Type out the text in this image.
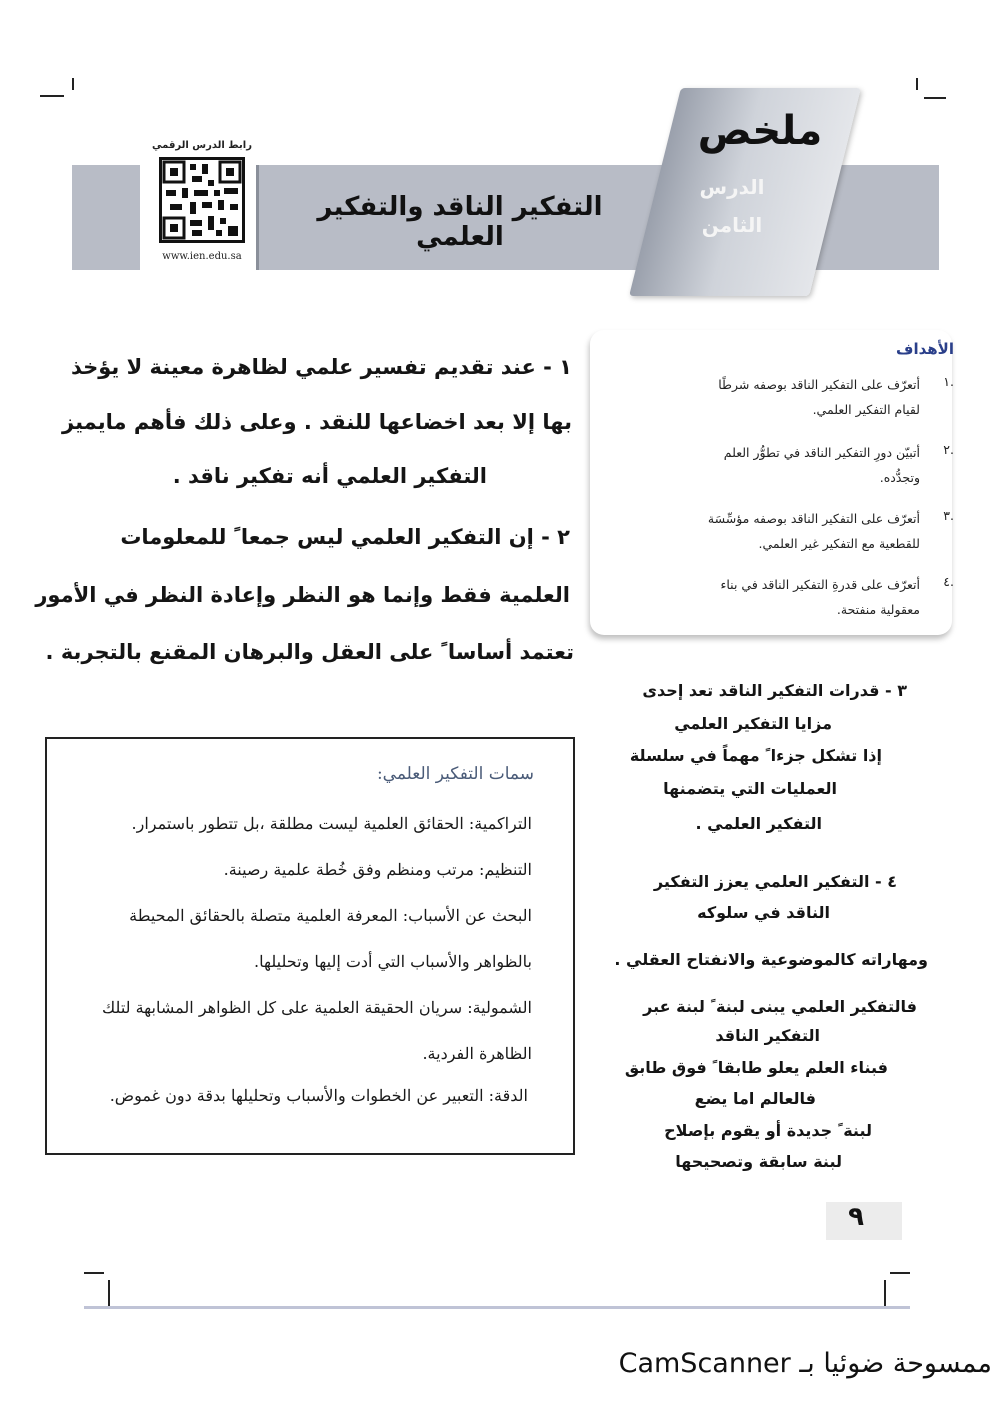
ملخص
الدرس
الثامن
التفكير الناقد والتفكير العلمي
رابط الدرس الرقمي
www.ien.edu.sa
الأهداف
١.
أتعرّف على التفكير الناقد بوصفه شرطًا
لقيام التفكير العلمي.
٢.
أتبيّن دورِ التفكير الناقد في تطوُّر العلم
وتجدُّده.
٣.
أتعرّف على التفكير الناقد بوصفه مؤسِّسَة
للقطعية مع التفكير غير العلمي.
٤.
أتعرّف على قدرةِ التفكير الناقد في بناء
معقولية منفتحة.
١ - عند تقديم تفسير علمي لظاهرة معينة لا يؤخذ
بها إلا بعد اخضاعها للنقد . وعلى ذلك فأهم مايميز
التفكير العلمي أنه تفكير ناقد .
٢ - إن التفكير العلمي ليس جمعا ً للمعلومات
العلمية فقط وإنما هو النظر وإعادة النظر في الأمور
تعتمد أساسا ً على العقل والبرهان المقنع بالتجربة .
٣ - قدرات التفكير الناقد تعد إحدى
مزايا التفكير العلمي
إذا تشكل جزءا ً مهماً في سلسلة
العمليات التي يتضمنها
التفكير العلمي .
٤ - التفكير العلمي يعزز التفكير
الناقد في سلوكه
ومهاراته كالموضوعية والانفتاح العقلي .
فالتفكير العلمي يبنى لبنة ً لبنة عبر
التفكير الناقد
فبناء العلم يعلو طابقا ً فوق طابق
فالعالم اما يضع
لبنة ً جديدة أو يقوم بإصلاح
لبنة سابقة وتصحيحها
سمات التفكير العلمي:
التراكمية: الحقائق العلمية ليست مطلقة ،بل تتطور باستمرار.
التنظيم: مرتب ومنظم وفق خُطة علمية رصينة.
البحث عن الأسباب: المعرفة العلمية متصلة بالحقائق المحيطة
بالظواهر والأسباب التي أدت إليها وتحليلها.
الشمولية: سريان الحقيقة العلمية على كل الظواهر المشابهة لتلك
الظاهرة الفردية.
الدقة: التعبير عن الخطوات والأسباب وتحليلها بدقة دون غموض.
٩
ممسوحة ضوئيا بـ CamScanner
